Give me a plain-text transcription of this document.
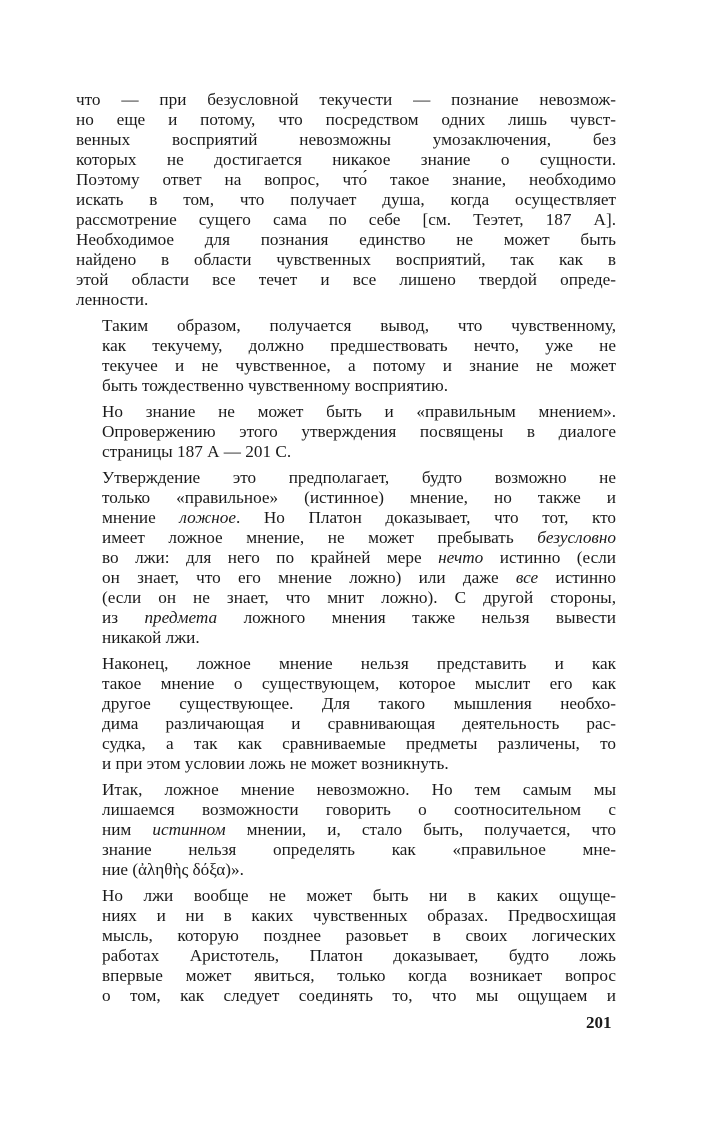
что — при безусловной текучести — познание невозмож-
но еще и потому, что посредством одних лишь чувст-
венных восприятий невозможны умозаключения, без
которых не достигается никакое знание о сущности.
Поэтому ответ на вопрос, что́ такое знание, необходимо
искать в том, что получает душа, когда осуществляет
рассмотрение сущего сама по себе [см. Теэтет, 187 А].
Необходимое для познания единство не может быть
найдено в области чувственных восприятий, так как в
этой области все течет и все лишено твердой опреде-
ленности.

Таким образом, получается вывод, что чувственному,
как текучему, должно предшествовать нечто, уже не
текучее и не чувственное, а потому и знание не может
быть тождественно чувственному восприятию.

Но знание не может быть и «правильным мнением».
Опровержению этого утверждения посвящены в диалоге
страницы 187 А — 201 С.

Утверждение это предполагает, будто возможно не
только «правильное» (истинное) мнение, но также и
мнение ложное. Но Платон доказывает, что тот, кто
имеет ложное мнение, не может пребывать безусловно
во лжи: для него по крайней мере нечто истинно (если
он знает, что его мнение ложно) или даже все истинно
(если он не знает, что мнит ложно). С другой стороны,
из предмета ложного мнения также нельзя вывести
никакой лжи.

Наконец, ложное мнение нельзя представить и как
такое мнение о существующем, которое мыслит его как
другое существующее. Для такого мышления необхо-
дима различающая и сравнивающая деятельность рас-
судка, а так как сравниваемые предметы различены, то
и при этом условии ложь не может возникнуть.

Итак, ложное мнение невозможно. Но тем самым мы
лишаемся возможности говорить о соотносительном с
ним истинном мнении, и, стало быть, получается, что
знание нельзя определять как «правильное мне-
ние (ἀληθὴς δόξα)».

Но лжи вообще не может быть ни в каких ощуще-
ниях и ни в каких чувственных образах. Предвосхищая
мысль, которую позднее разовьет в своих логических
работах Аристотель, Платон доказывает, будто ложь
впервые может явиться, только когда возникает вопрос
о том, как следует соединять то, что мы ощущаем и

201
